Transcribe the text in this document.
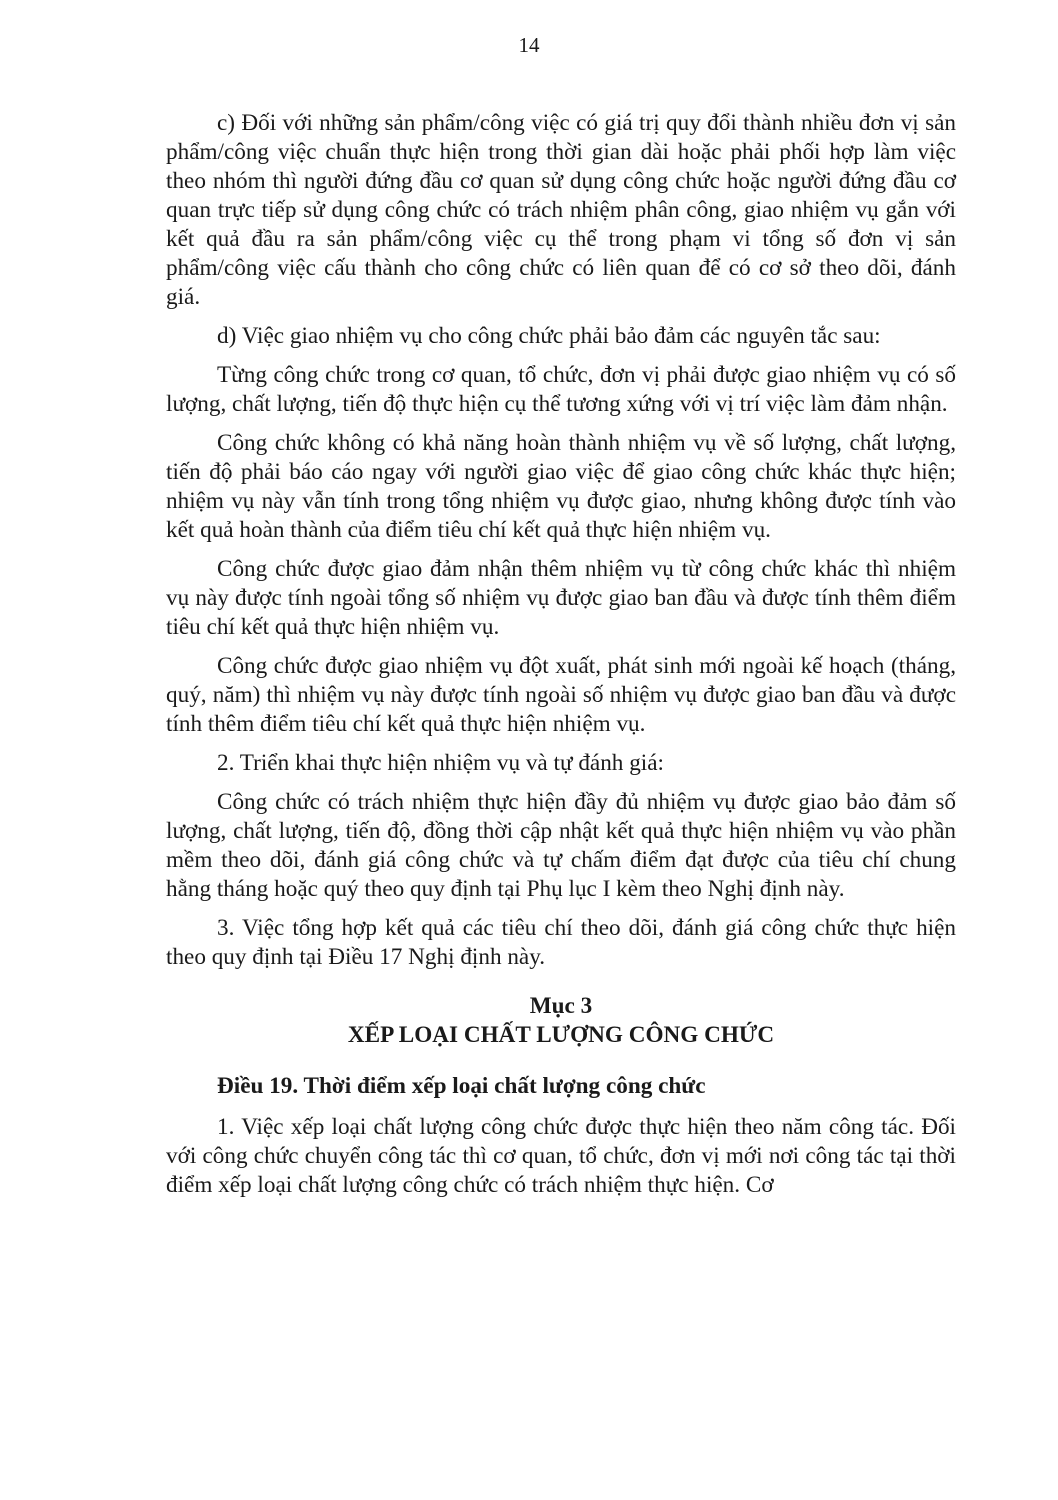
14

c) Đối với những sản phẩm/công việc có giá trị quy đổi thành nhiều đơn vị sản phẩm/công việc chuẩn thực hiện trong thời gian dài hoặc phải phối hợp làm việc theo nhóm thì người đứng đầu cơ quan sử dụng công chức hoặc người đứng đầu cơ quan trực tiếp sử dụng công chức có trách nhiệm phân công, giao nhiệm vụ gắn với kết quả đầu ra sản phẩm/công việc cụ thể trong phạm vi tổng số đơn vị sản phẩm/công việc cấu thành cho công chức có liên quan để có cơ sở theo dõi, đánh giá.

d) Việc giao nhiệm vụ cho công chức phải bảo đảm các nguyên tắc sau:

Từng công chức trong cơ quan, tổ chức, đơn vị phải được giao nhiệm vụ có số lượng, chất lượng, tiến độ thực hiện cụ thể tương xứng với vị trí việc làm đảm nhận.

Công chức không có khả năng hoàn thành nhiệm vụ về số lượng, chất lượng, tiến độ phải báo cáo ngay với người giao việc để giao công chức khác thực hiện; nhiệm vụ này vẫn tính trong tổng nhiệm vụ được giao, nhưng không được tính vào kết quả hoàn thành của điểm tiêu chí kết quả thực hiện nhiệm vụ.

Công chức được giao đảm nhận thêm nhiệm vụ từ công chức khác thì nhiệm vụ này được tính ngoài tổng số nhiệm vụ được giao ban đầu và được tính thêm điểm tiêu chí kết quả thực hiện nhiệm vụ.

Công chức được giao nhiệm vụ đột xuất, phát sinh mới ngoài kế hoạch (tháng, quý, năm) thì nhiệm vụ này được tính ngoài số nhiệm vụ được giao ban đầu và được tính thêm điểm tiêu chí kết quả thực hiện nhiệm vụ.

2. Triển khai thực hiện nhiệm vụ và tự đánh giá:

Công chức có trách nhiệm thực hiện đầy đủ nhiệm vụ được giao bảo đảm số lượng, chất lượng, tiến độ, đồng thời cập nhật kết quả thực hiện nhiệm vụ vào phần mềm theo dõi, đánh giá công chức và tự chấm điểm đạt được của tiêu chí chung hằng tháng hoặc quý theo quy định tại Phụ lục I kèm theo Nghị định này.

3. Việc tổng hợp kết quả các tiêu chí theo dõi, đánh giá công chức thực hiện theo quy định tại Điều 17 Nghị định này.

Mục 3
XẾP LOẠI CHẤT LƯỢNG CÔNG CHỨC
Điều 19. Thời điểm xếp loại chất lượng công chức

1. Việc xếp loại chất lượng công chức được thực hiện theo năm công tác. Đối với công chức chuyển công tác thì cơ quan, tổ chức, đơn vị mới nơi công tác tại thời điểm xếp loại chất lượng công chức có trách nhiệm thực hiện. Cơ
